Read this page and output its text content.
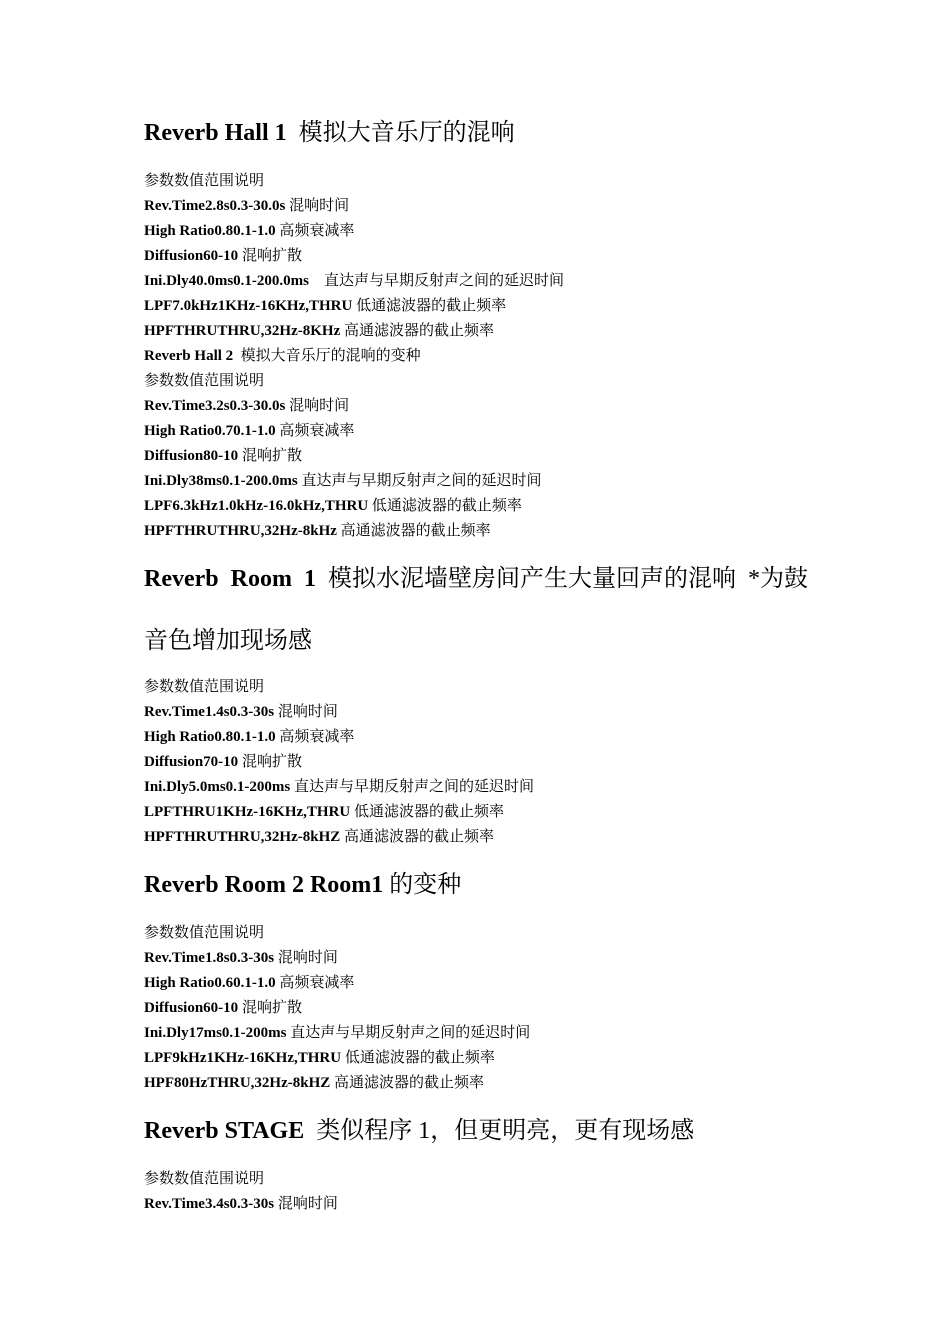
Reverb Hall 1 模拟大音乐厅的混响
参数数值范围说明
Rev.Time2.8s0.3-30.0s 混响时间
High Ratio0.80.1-1.0 高频衰减率
Diffusion60-10 混响扩散
Ini.Dly40.0ms0.1-200.0ms 直达声与早期反射声之间的延迟时间
LPF7.0kHz1KHz-16KHz,THRU 低通滤波器的截止频率
HPFTHRUTHRU,32Hz-8KHz 高通滤波器的截止频率
Reverb Hall 2 模拟大音乐厅的混响的变种
参数数值范围说明
Rev.Time3.2s0.3-30.0s 混响时间
High Ratio0.70.1-1.0 高频衰减率
Diffusion80-10 混响扩散
Ini.Dly38ms0.1-200.0ms 直达声与早期反射声之间的延迟时间
LPF6.3kHz1.0kHz-16.0kHz,THRU 低通滤波器的截止频率
HPFTHRUTHRU,32Hz-8kHz 高通滤波器的截止频率
Reverb  Room  1 模拟水泥墙壁房间产生大量回声的混响  *为鼓
音色增加现场感
参数数值范围说明
Rev.Time1.4s0.3-30s 混响时间
High Ratio0.80.1-1.0 高频衰减率
Diffusion70-10 混响扩散
Ini.Dly5.0ms0.1-200ms 直达声与早期反射声之间的延迟时间
LPFTHRU1KHz-16KHz,THRU 低通滤波器的截止频率
HPFTHRUTHRU,32Hz-8kHZ 高通滤波器的截止频率
Reverb Room 2 Room1 的变种
参数数值范围说明
Rev.Time1.8s0.3-30s 混响时间
High Ratio0.60.1-1.0 高频衰减率
Diffusion60-10 混响扩散
Ini.Dly17ms0.1-200ms 直达声与早期反射声之间的延迟时间
LPF9kHz1KHz-16KHz,THRU 低通滤波器的截止频率
HPF80HzTHRU,32Hz-8kHZ 高通滤波器的截止频率
Reverb STAGE 类似程序 1，但更明亮，更有现场感
参数数值范围说明
Rev.Time3.4s0.3-30s 混响时间
